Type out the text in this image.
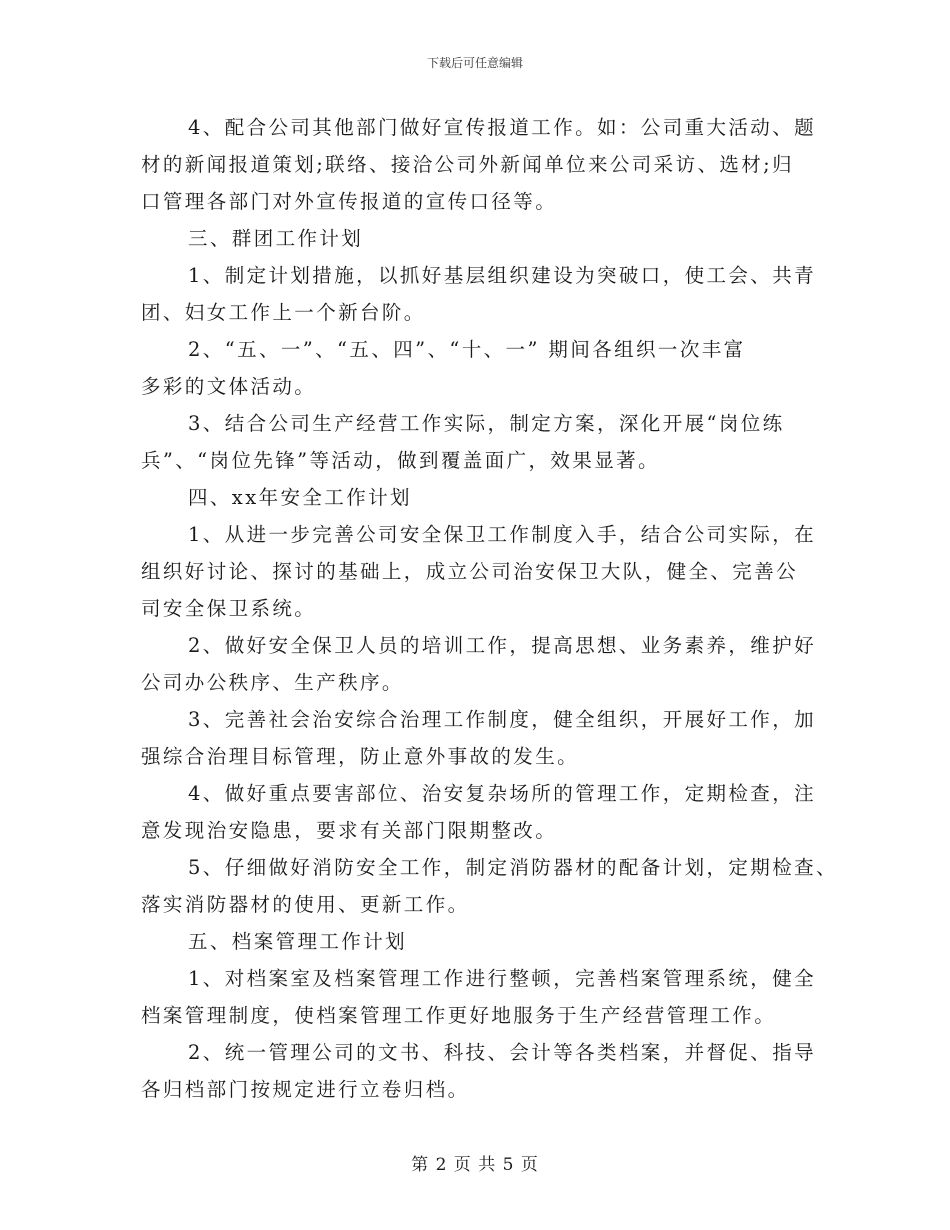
下载后可任意编辑
4、配合公司其他部门做好宣传报道工作。如：公司重大活动、题
材的新闻报道策划;联络、接洽公司外新闻单位来公司采访、选材;归
口管理各部门对外宣传报道的宣传口径等。
三、群团工作计划
1、制定计划措施，以抓好基层组织建设为突破口，使工会、共青
团、妇女工作上一个新台阶。
2、“五、一”、“五、四”、“十、一” 期间各组织一次丰富
多彩的文体活动。
3、结合公司生产经营工作实际，制定方案，深化开展“岗位练
兵”、“岗位先锋”等活动，做到覆盖面广，效果显著。
四、xx年安全工作计划
1、从进一步完善公司安全保卫工作制度入手，结合公司实际，在
组织好讨论、探讨的基础上，成立公司治安保卫大队，健全、完善公
司安全保卫系统。
2、做好安全保卫人员的培训工作，提高思想、业务素养，维护好
公司办公秩序、生产秩序。
3、完善社会治安综合治理工作制度，健全组织，开展好工作，加
强综合治理目标管理，防止意外事故的发生。
4、做好重点要害部位、治安复杂场所的管理工作，定期检查，注
意发现治安隐患，要求有关部门限期整改。
5、仔细做好消防安全工作，制定消防器材的配备计划，定期检查、
落实消防器材的使用、更新工作。
五、档案管理工作计划
1、对档案室及档案管理工作进行整顿，完善档案管理系统，健全
档案管理制度，使档案管理工作更好地服务于生产经营管理工作。
2、统一管理公司的文书、科技、会计等各类档案，并督促、指导
各归档部门按规定进行立卷归档。
第 2 页 共 5 页
